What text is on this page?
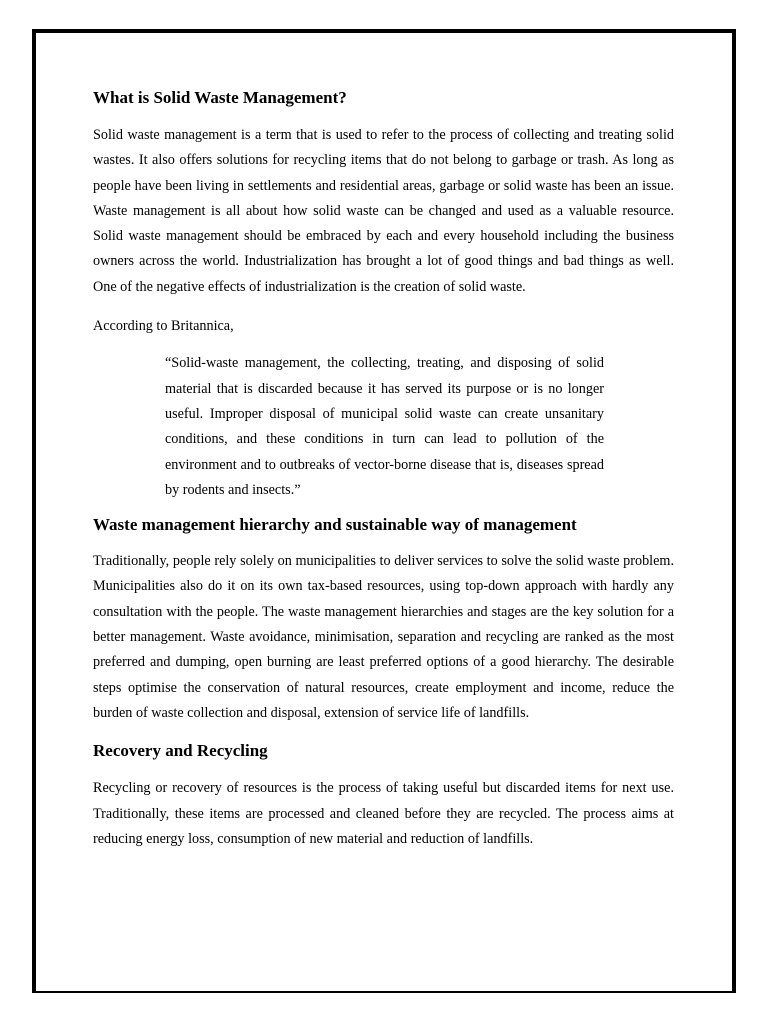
What is Solid Waste Management?

Solid waste management is a term that is used to refer to the process of collecting and treating solid wastes. It also offers solutions for recycling items that do not belong to garbage or trash. As long as people have been living in settlements and residential areas, garbage or solid waste has been an issue. Waste management is all about how solid waste can be changed and used as a valuable resource. Solid waste management should be embraced by each and every household including the business owners across the world. Industrialization has brought a lot of good things and bad things as well. One of the negative effects of industrialization is the creation of solid waste.

According to Britannica,

“Solid-waste management, the collecting, treating, and disposing of solid material that is discarded because it has served its purpose or is no longer useful. Improper disposal of municipal solid waste can create unsanitary conditions, and these conditions in turn can lead to pollution of the environment and to outbreaks of vector-borne disease that is, diseases spread by rodents and insects.”
Waste management hierarchy and sustainable way of management

Traditionally, people rely solely on municipalities to deliver services to solve the solid waste problem. Municipalities also do it on its own tax-based resources, using top-down approach with hardly any consultation with the people. The waste management hierarchies and stages are the key solution for a better management. Waste avoidance, minimisation, separation and recycling are ranked as the most preferred and dumping, open burning are least preferred options of a good hierarchy. The desirable steps optimise the conservation of natural resources, create employment and income, reduce the burden of waste collection and disposal, extension of service life of landfills.

Recovery and Recycling

Recycling or recovery of resources is the process of taking useful but discarded items for next use. Traditionally, these items are processed and cleaned before they are recycled. The process aims at reducing energy loss, consumption of new material and reduction of landfills.
